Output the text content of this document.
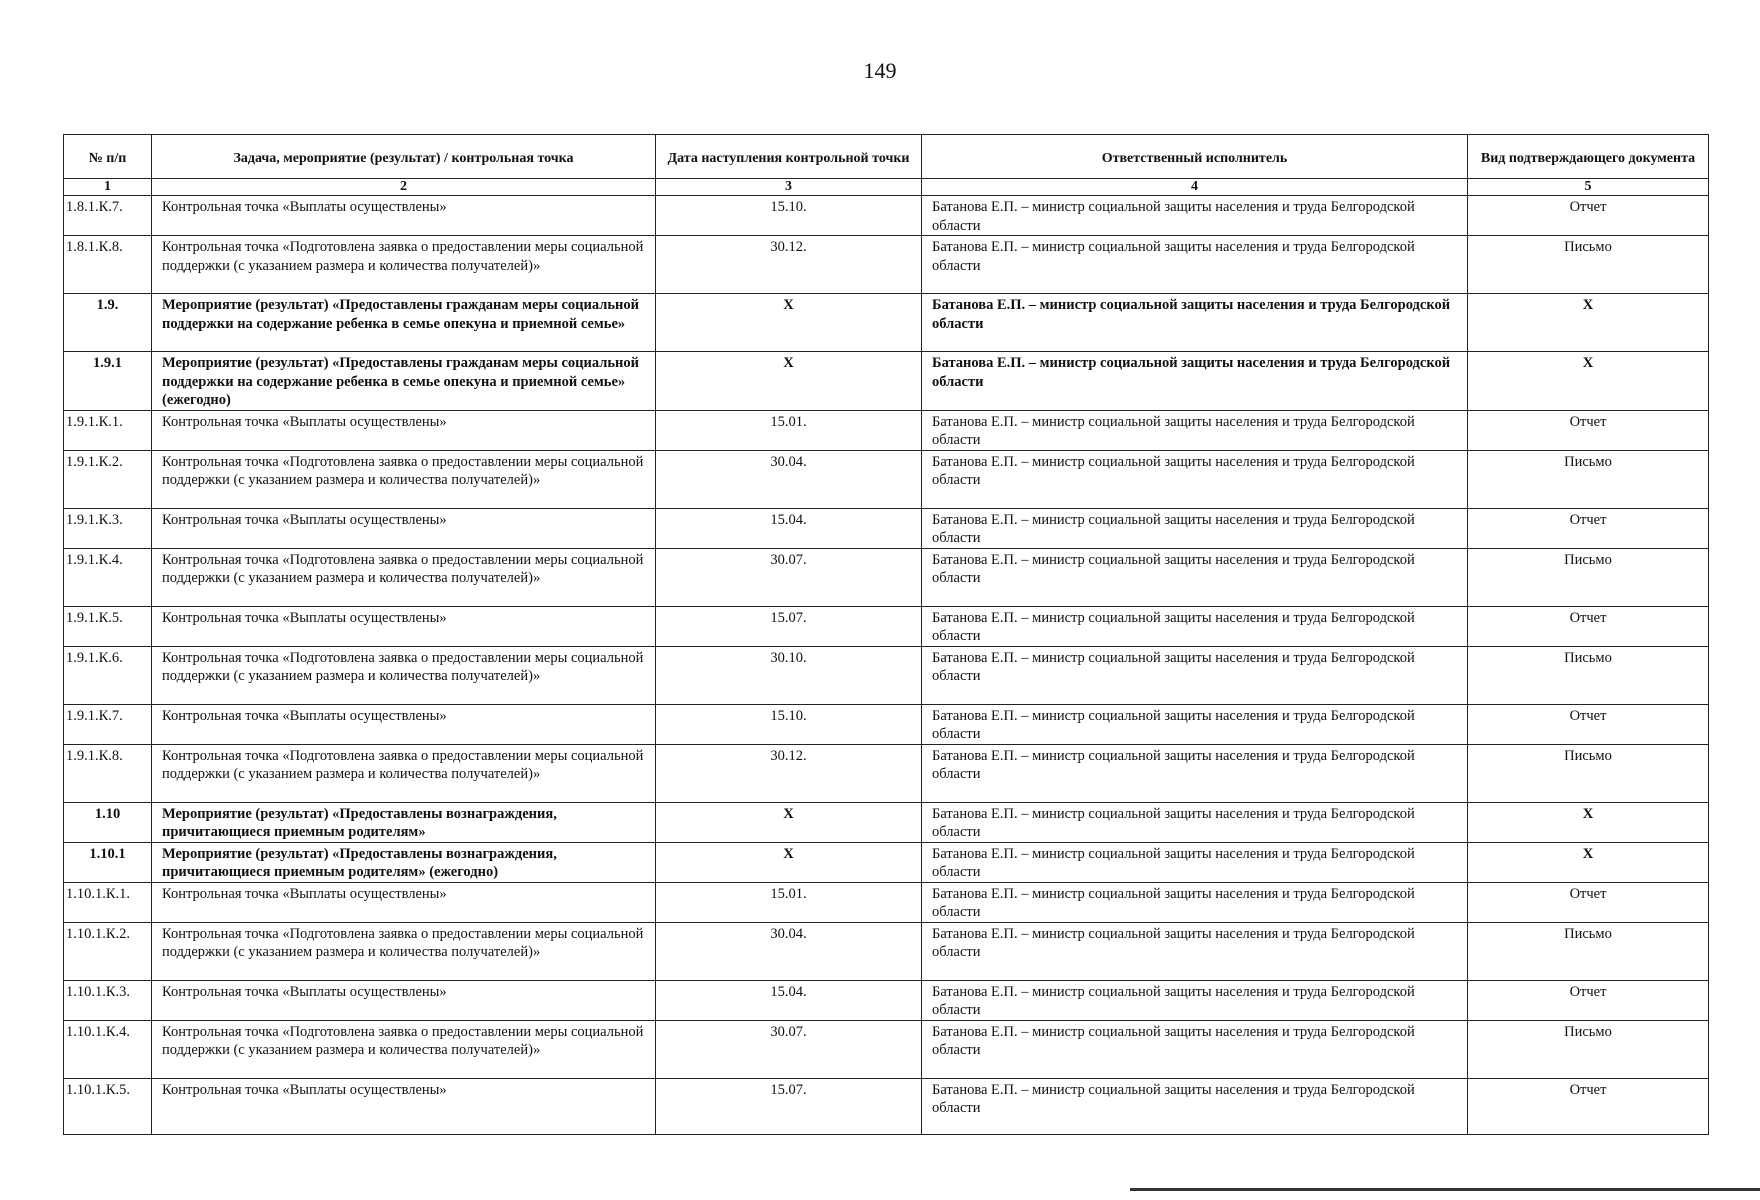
149
№ п/п	Задача, мероприятие (результат) / контрольная точка	Дата наступления контрольной точки	Ответственный исполнитель	Вид подтверждающего документа
1	2	3	4	5
1.8.1.К.7.	Контрольная точка «Выплаты осуществлены»	15.10.	Батанова Е.П. – министр социальной защиты населения и труда Белгородской области	Отчет
1.8.1.К.8.	Контрольная точка «Подготовлена заявка о предоставлении меры социальной поддержки (с указанием размера и количества получателей)»	30.12.	Батанова Е.П. – министр социальной защиты населения и труда Белгородской области	Письмо
1.9.	Мероприятие (результат) «Предоставлены гражданам меры социальной поддержки на содержание ребенка в семье опекуна и приемной семье»	X	Батанова Е.П. – министр социальной защиты населения и труда Белгородской области	X
1.9.1	Мероприятие (результат) «Предоставлены гражданам меры социальной поддержки на содержание ребенка в семье опекуна и приемной семье» (ежегодно)	X	Батанова Е.П. – министр социальной защиты населения и труда Белгородской области	X
1.9.1.К.1.	Контрольная точка «Выплаты осуществлены»	15.01.	Батанова Е.П. – министр социальной защиты населения и труда Белгородской области	Отчет
1.9.1.К.2.	Контрольная точка «Подготовлена заявка о предоставлении меры социальной поддержки (с указанием размера и количества получателей)»	30.04.	Батанова Е.П. – министр социальной защиты населения и труда Белгородской области	Письмо
1.9.1.К.3.	Контрольная точка «Выплаты осуществлены»	15.04.	Батанова Е.П. – министр социальной защиты населения и труда Белгородской области	Отчет
1.9.1.К.4.	Контрольная точка «Подготовлена заявка о предоставлении меры социальной поддержки (с указанием размера и количества получателей)»	30.07.	Батанова Е.П. – министр социальной защиты населения и труда Белгородской области	Письмо
1.9.1.К.5.	Контрольная точка «Выплаты осуществлены»	15.07.	Батанова Е.П. – министр социальной защиты населения и труда Белгородской области	Отчет
1.9.1.К.6.	Контрольная точка «Подготовлена заявка о предоставлении меры социальной поддержки (с указанием размера и количества получателей)»	30.10.	Батанова Е.П. – министр социальной защиты населения и труда Белгородской области	Письмо
1.9.1.К.7.	Контрольная точка «Выплаты осуществлены»	15.10.	Батанова Е.П. – министр социальной защиты населения и труда Белгородской области	Отчет
1.9.1.К.8.	Контрольная точка «Подготовлена заявка о предоставлении меры социальной поддержки (с указанием размера и количества получателей)»	30.12.	Батанова Е.П. – министр социальной защиты населения и труда Белгородской области	Письмо
1.10	Мероприятие (результат) «Предоставлены вознаграждения, причитающиеся приемным родителям»	X	Батанова Е.П. – министр социальной защиты населения и труда Белгородской области	X
1.10.1	Мероприятие (результат) «Предоставлены вознаграждения, причитающиеся приемным родителям» (ежегодно)	X	Батанова Е.П. – министр социальной защиты населения и труда Белгородской области	X
1.10.1.К.1.	Контрольная точка «Выплаты осуществлены»	15.01.	Батанова Е.П. – министр социальной защиты населения и труда Белгородской области	Отчет
1.10.1.К.2.	Контрольная точка «Подготовлена заявка о предоставлении меры социальной поддержки (с указанием размера и количества получателей)»	30.04.	Батанова Е.П. – министр социальной защиты населения и труда Белгородской области	Письмо
1.10.1.К.3.	Контрольная точка «Выплаты осуществлены»	15.04.	Батанова Е.П. – министр социальной защиты населения и труда Белгородской области	Отчет
1.10.1.К.4.	Контрольная точка «Подготовлена заявка о предоставлении меры социальной поддержки (с указанием размера и количества получателей)»	30.07.	Батанова Е.П. – министр социальной защиты населения и труда Белгородской области	Письмо
1.10.1.К.5.	Контрольная точка «Выплаты осуществлены»	15.07.	Батанова Е.П. – министр социальной защиты населения и труда Белгородской области	Отчет
